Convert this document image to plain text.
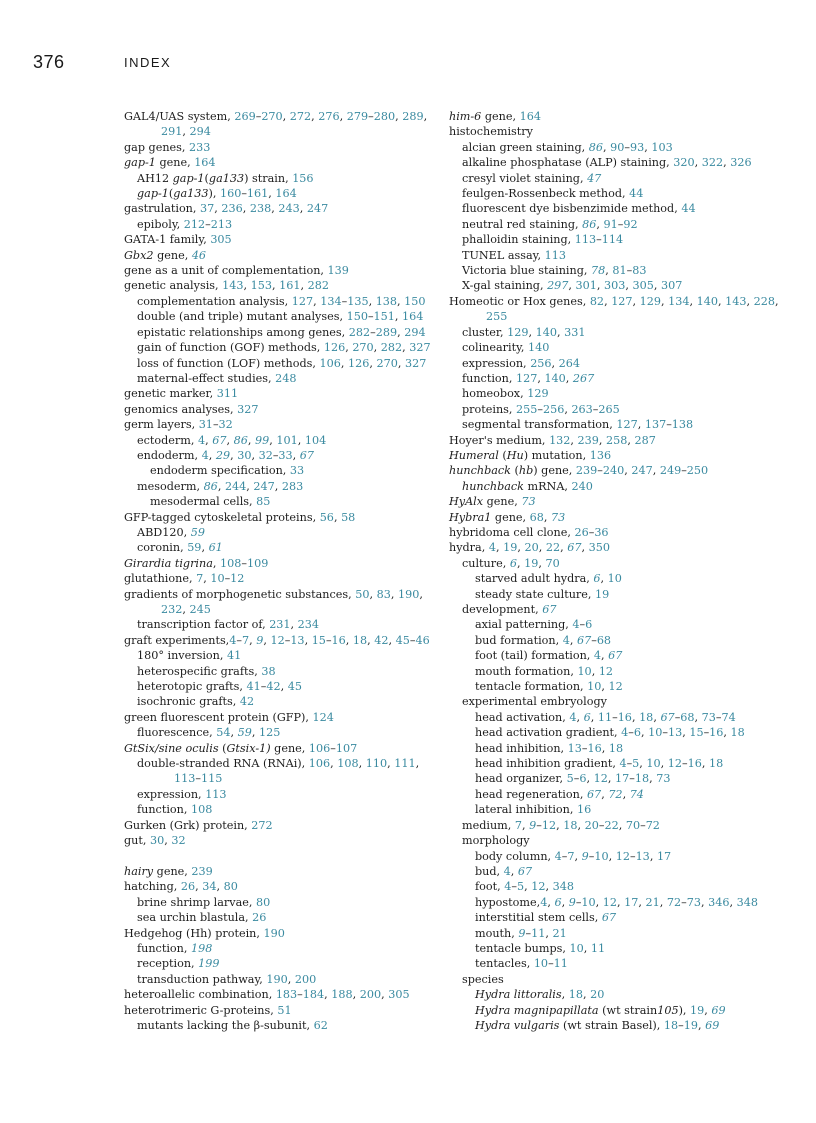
376	INDEX
GAL4/UAS system, 269–270, 272, 276, 279–280, 289, 291, 294
gap genes, 233
gap-1 gene, 164
AH12 gap-1(ga133) strain, 156
gap-1(ga133), 160–161, 164
gastrulation, 37, 236, 238, 243, 247
epiboly, 212–213
GATA-1 family, 305
Gbx2 gene, 46
gene as a unit of complementation, 139
genetic analysis, 143, 153, 161, 282
complementation analysis, 127, 134–135, 138, 150
double (and triple) mutant analyses, 150–151, 164
epistatic relationships among genes, 282–289, 294
gain of function (GOF) methods, 126, 270, 282, 327
loss of function (LOF) methods, 106, 126, 270, 327
maternal-effect studies, 248
genetic marker, 311
genomics analyses, 327
germ layers, 31–32
ectoderm, 4, 67, 86, 99, 101, 104
endoderm, 4, 29, 30, 32–33, 67
endoderm specification, 33
mesoderm, 86, 244, 247, 283
mesodermal cells, 85
GFP-tagged cytoskeletal proteins, 56, 58
ABD120, 59
coronin, 59, 61
Girardia tigrina, 108–109
glutathione, 7, 10–12
gradients of morphogenetic substances, 50, 83, 190, 232, 245
transcription factor of, 231, 234
graft experiments,4–7, 9, 12–13, 15–16, 18, 42, 45–46
180° inversion, 41
heterospecific grafts, 38
heterotopic grafts, 41–42, 45
isochronic grafts, 42
green fluorescent protein (GFP), 124
fluorescence, 54, 59, 125
GtSix/sine oculis (Gtsix-1) gene, 106–107
double-stranded RNA (RNAi), 106, 108, 110, 111, 113–115
expression, 113
function, 108
Gurken (Grk) protein, 272
gut, 30, 32
hairy gene, 239
hatching, 26, 34, 80
brine shrimp larvae, 80
sea urchin blastula, 26
Hedgehog (Hh) protein, 190
function, 198
reception, 199
transduction pathway, 190, 200
heteroallelic combination, 183–184, 188, 200, 305
heterotrimeric G-proteins, 51
mutants lacking the β-subunit, 62
him-6 gene, 164
histochemistry
alcian green staining, 86, 90–93, 103
alkaline phosphatase (ALP) staining, 320, 322, 326
cresyl violet staining, 47
feulgen-Rossenbeck method, 44
fluorescent dye bisbenzimide method, 44
neutral red staining, 86, 91–92
phalloidin staining, 113–114
TUNEL assay, 113
Victoria blue staining, 78, 81–83
X-gal staining, 297, 301, 303, 305, 307
Homeotic or Hox genes, 82, 127, 129, 134, 140, 143, 228, 255
cluster, 129, 140, 331
colinearity, 140
expression, 256, 264
function, 127, 140, 267
homeobox, 129
proteins, 255–256, 263–265
segmental transformation, 127, 137–138
Hoyer's medium, 132, 239, 258, 287
Humeral (Hu) mutation, 136
hunchback (hb) gene, 239–240, 247, 249–250
hunchback mRNA, 240
HyAlx gene, 73
Hybra1 gene, 68, 73
hybridoma cell clone, 26–36
hydra, 4, 19, 20, 22, 67, 350
culture, 6, 19, 70
starved adult hydra, 6, 10
steady state culture, 19
development, 67
axial patterning, 4–6
bud formation, 4, 67–68
foot (tail) formation, 4, 67
mouth formation, 10, 12
tentacle formation, 10, 12
experimental embryology
head activation, 4, 6, 11–16, 18, 67–68, 73–74
head activation gradient, 4–6, 10–13, 15–16, 18
head inhibition, 13–16, 18
head inhibition gradient, 4–5, 10, 12–16, 18
head organizer, 5–6, 12, 17–18, 73
head regeneration, 67, 72, 74
lateral inhibition, 16
medium, 7, 9–12, 18, 20–22, 70–72
morphology
body column, 4–7, 9–10, 12–13, 17
bud, 4, 67
foot, 4–5, 12, 348
hypostome,4, 6, 9–10, 12, 17, 21, 72–73, 346, 348
interstitial stem cells, 67
mouth, 9–11, 21
tentacle bumps, 10, 11
tentacles, 10–11
species
Hydra littoralis, 18, 20
Hydra magnipapillata (wt strain105), 19, 69
Hydra vulgaris (wt strain Basel), 18–19, 69
